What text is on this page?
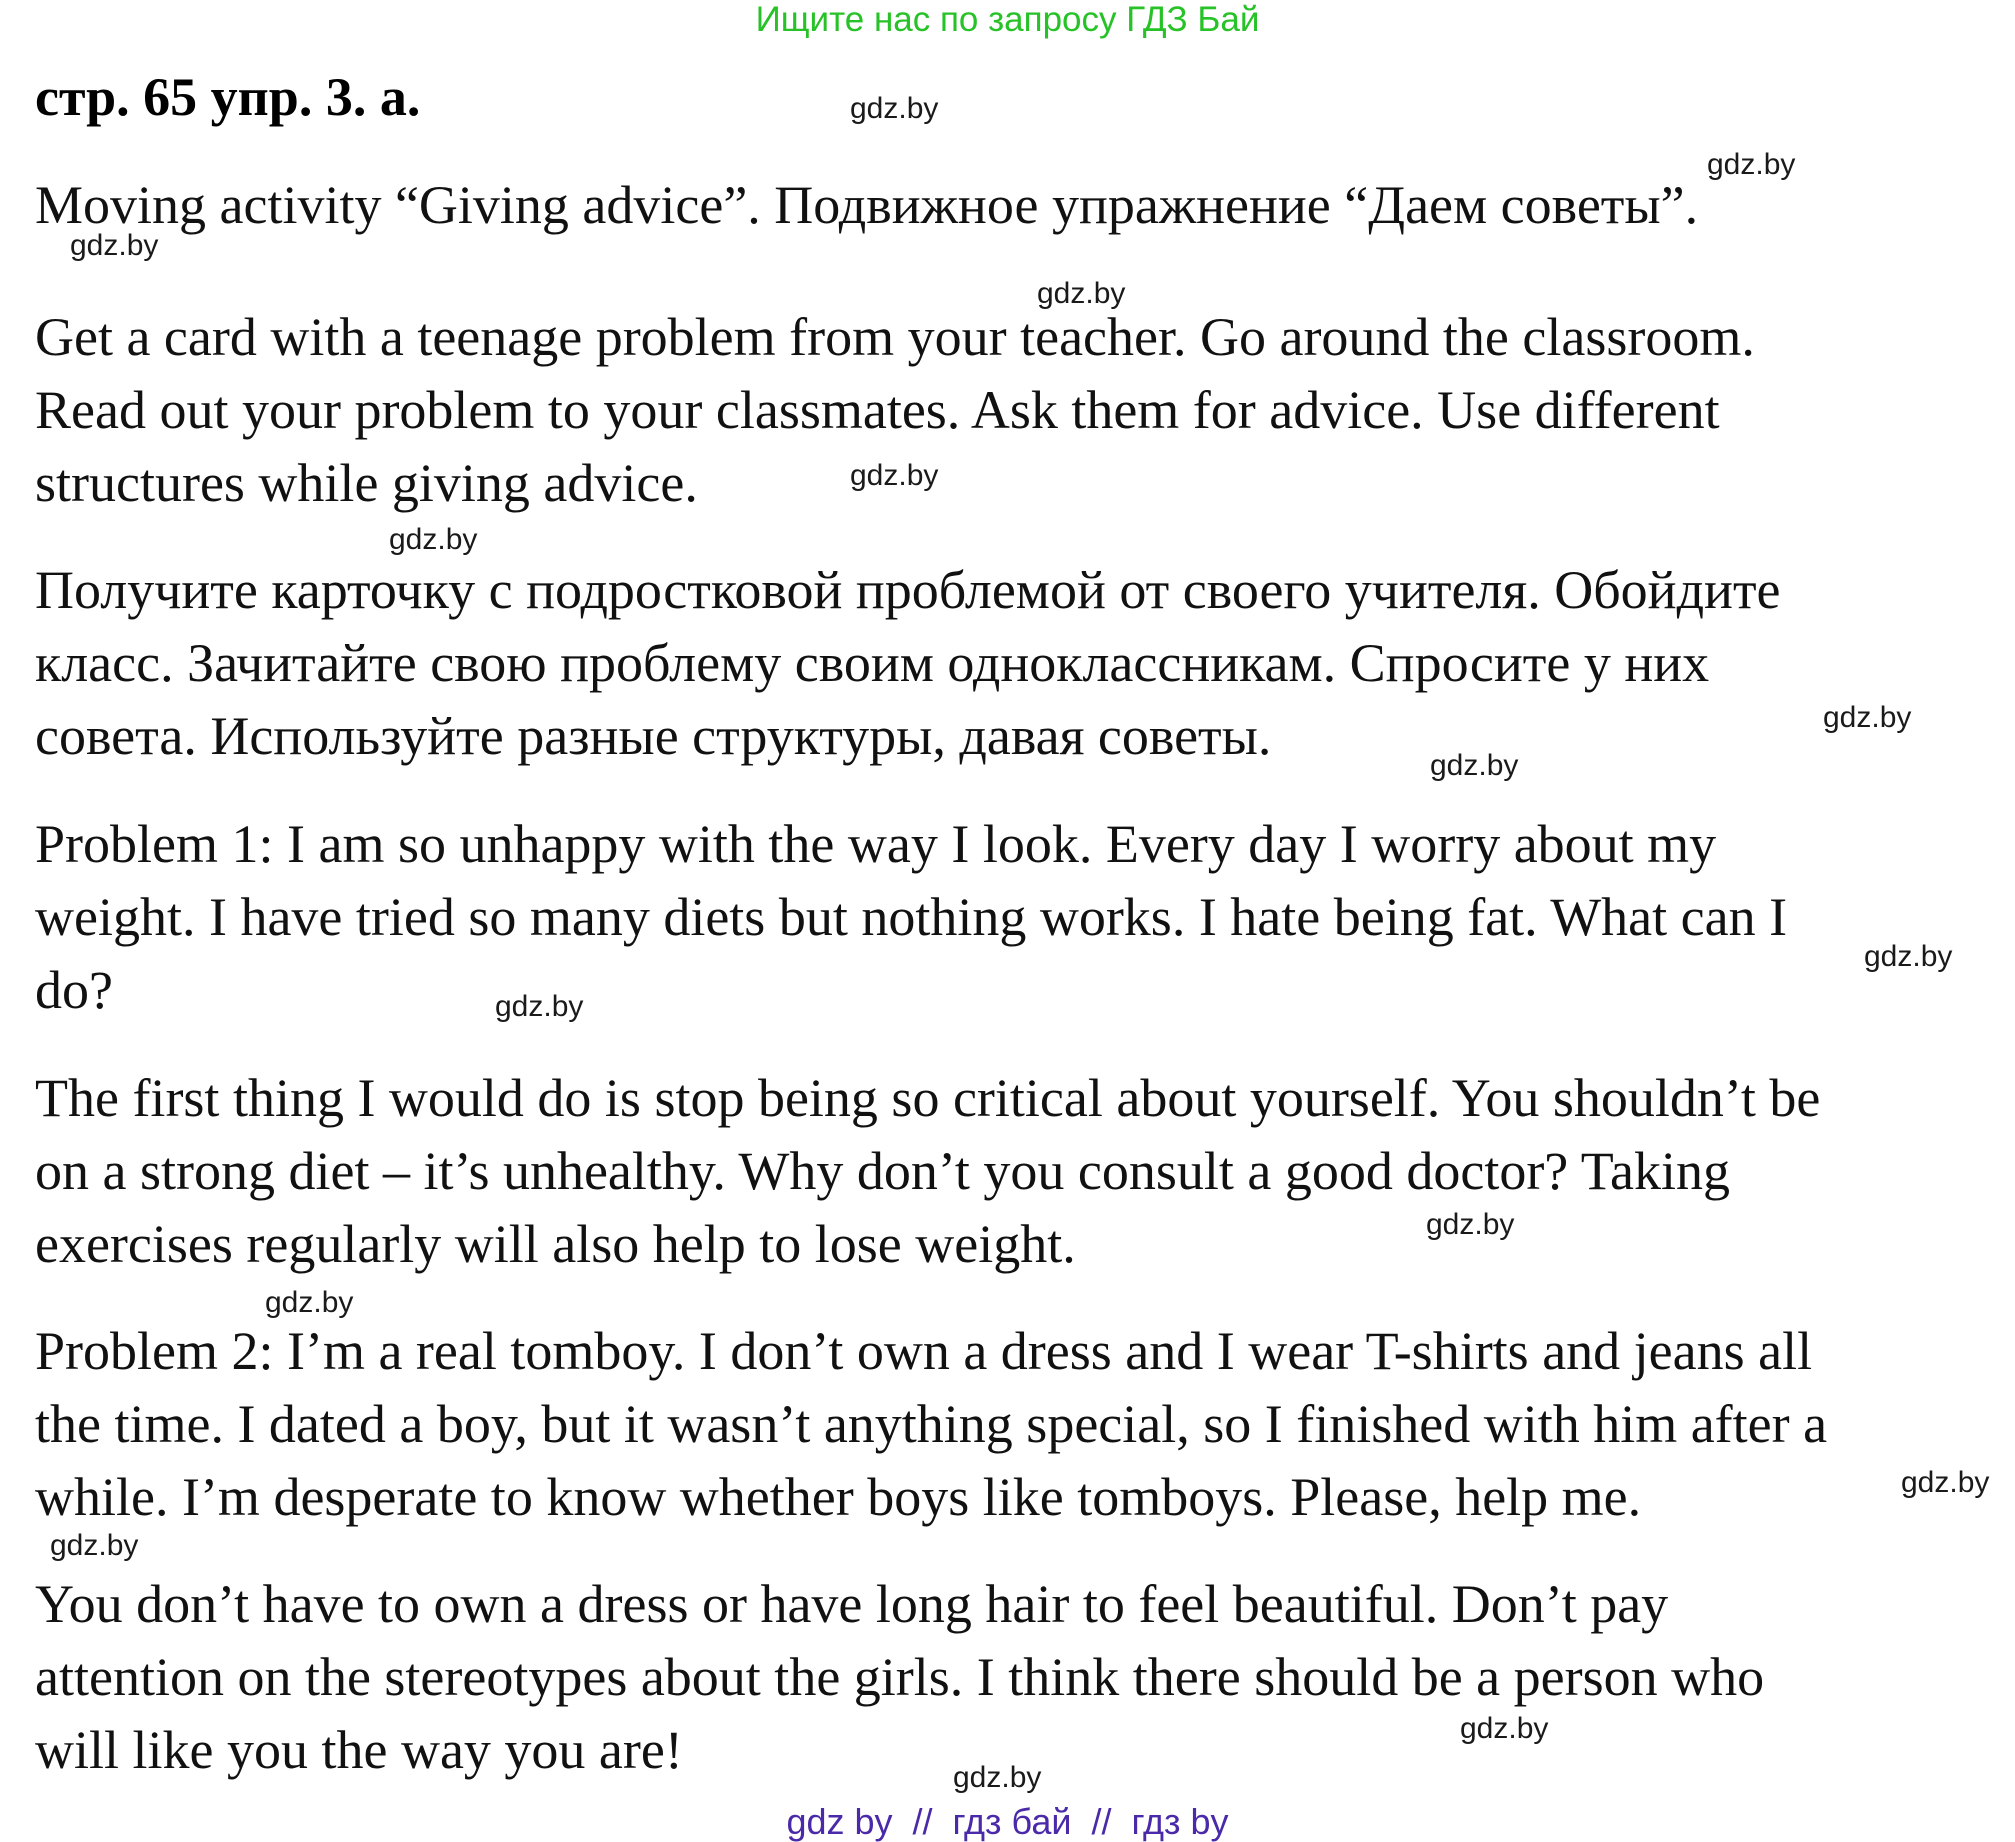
Ищите нас по запросу ГДЗ Бай
стр. 65 упр. 3. а.
Moving activity “Giving advice”. Подвижное упражнение “Даем советы”.
Get a card with a teenage problem from your teacher. Go around the classroom.
Read out your problem to your classmates. Ask them for advice. Use different
structures while giving advice.
Получите карточку с подростковой проблемой от своего учителя. Обойдите
класс. Зачитайте свою проблему своим одноклассникам. Спросите у них
совета. Используйте разные структуры, давая советы.
Problem 1: I am so unhappy with the way I look. Every day I worry about my
weight. I have tried so many diets but nothing works. I hate being fat. What can I
do?
The first thing I would do is stop being so critical about yourself. You shouldn’t be
on a strong diet – it’s unhealthy. Why don’t you consult a good doctor? Taking
exercises regularly will also help to lose weight.
Problem 2: I’m a real tomboy. I don’t own a dress and I wear T-shirts and jeans all
the time. I dated a boy, but it wasn’t anything special, so I finished with him after a
while. I’m desperate to know whether boys like tomboys. Please, help me.
You don’t have to own a dress or have long hair to feel beautiful. Don’t pay
attention on the stereotypes about the girls. I think there should be a person who
will like you the way you are!
gdz.by
gdz.by
gdz.by
gdz.by
gdz.by
gdz.by
gdz.by
gdz.by
gdz.by
gdz.by
gdz.by
gdz.by
gdz.by
gdz.by
gdz.by
gdz.by
gdz by  //  гдз бай  //  гдз by
